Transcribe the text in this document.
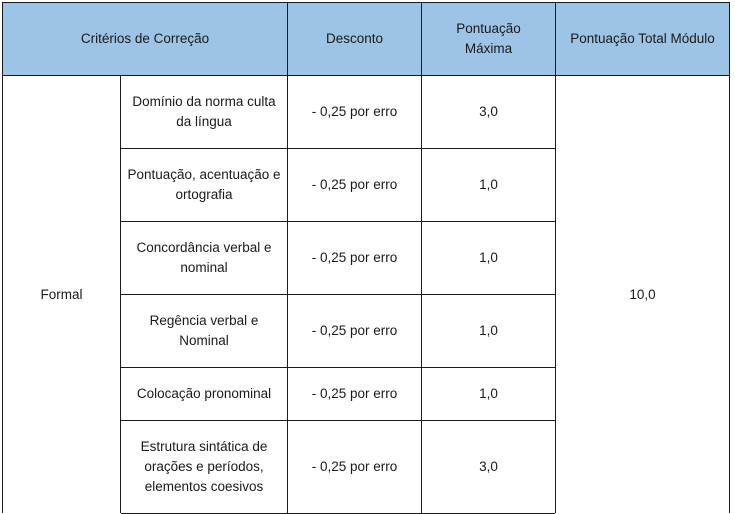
Critérios de Correção		Desconto	Pontuação Máxima	Pontuação Total Módulo
Formal	Domínio da norma culta da língua	- 0,25 por erro	3,0	10,0
	Pontuação, acentuação e ortografia	- 0,25 por erro	1,0	
	Concordância verbal e nominal	- 0,25 por erro	1,0	
	Regência verbal e Nominal	- 0,25 por erro	1,0	
	Colocação pronominal	- 0,25 por erro	1,0	
	Estrutura sintática de orações e períodos, elementos coesivos	- 0,25 por erro	3,0	
